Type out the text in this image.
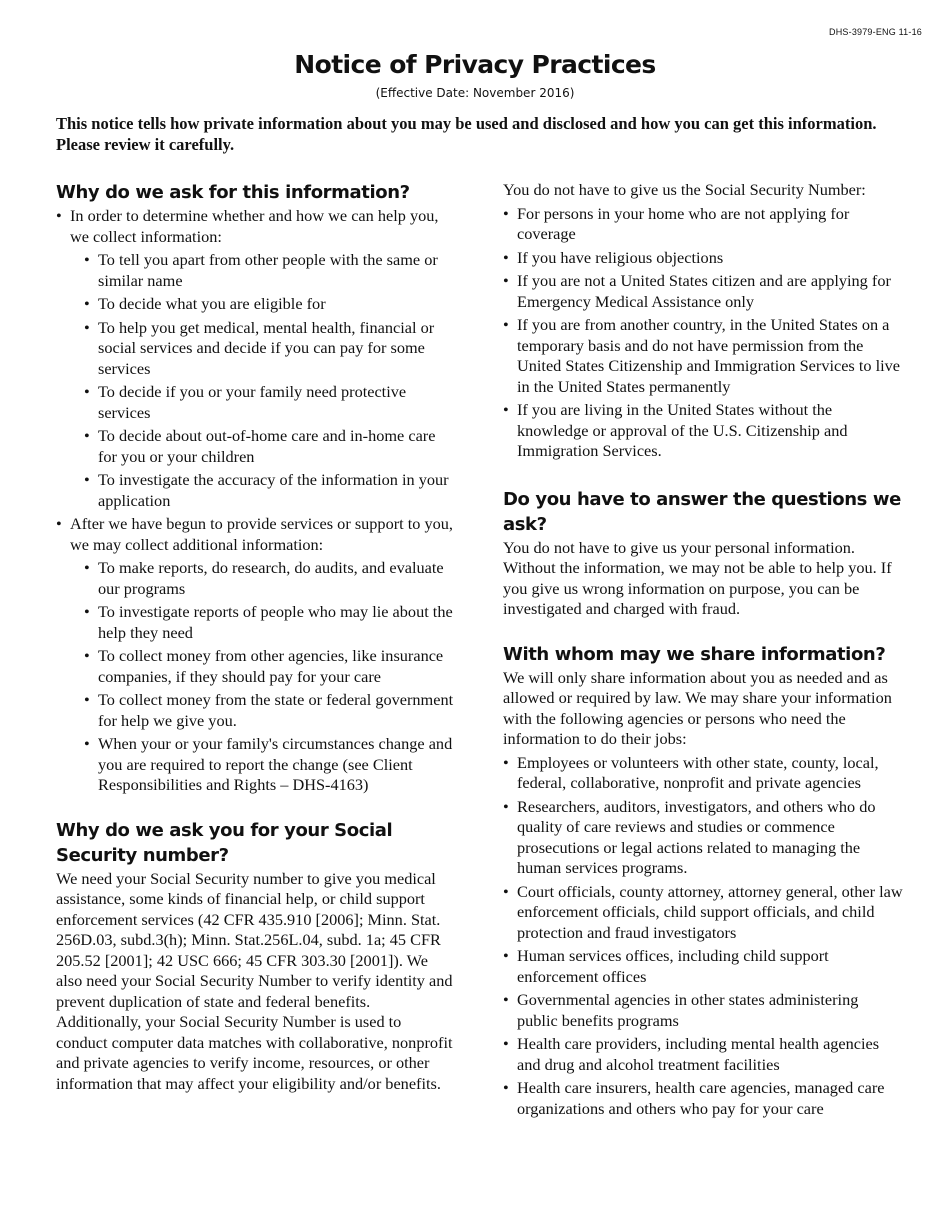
DHS-3979-ENG 11-16
Notice of Privacy Practices
(Effective Date: November 2016)

This notice tells how private information about you may be used and disclosed and how you can get this information. Please review it carefully.

Why do we ask for this information?
• In order to determine whether and how we can help you, we collect information:
• To tell you apart from other people with the same or similar name
• To decide what you are eligible for
• To help you get medical, mental health, financial or social services and decide if you can pay for some services
• To decide if you or your family need protective services
• To decide about out-of-home care and in-home care for you or your children
• To investigate the accuracy of the information in your application
• After we have begun to provide services or support to you, we may collect additional information:
• To make reports, do research, do audits, and evaluate our programs
• To investigate reports of people who may lie about the help they need
• To collect money from other agencies, like insurance companies, if they should pay for your care
• To collect money from the state or federal government for help we give you.
• When your or your family's circumstances change and you are required to report the change (see Client Responsibilities and Rights – DHS-4163)
Why do we ask you for your Social Security number?

We need your Social Security number to give you medical assistance, some kinds of financial help, or child support enforcement services (42 CFR 435.910 [2006]; Minn. Stat. 256D.03, subd.3(h); Minn. Stat.256L.04, subd. 1a; 45 CFR 205.52 [2001]; 42 USC 666; 45 CFR 303.30 [2001]). We also need your Social Security Number to verify identity and prevent duplication of state and federal benefits. Additionally, your Social Security Number is used to conduct computer data matches with collaborative, nonprofit and private agencies to verify income, resources, or other information that may affect your eligibility and/or benefits.

You do not have to give us the Social Security Number:

• For persons in your home who are not applying for coverage
• If you have religious objections
• If you are not a United States citizen and are applying for Emergency Medical Assistance only
• If you are from another country, in the United States on a temporary basis and do not have permission from the United States Citizenship and Immigration Services to live in the United States permanently
• If you are living in the United States without the knowledge or approval of the U.S. Citizenship and Immigration Services.
Do you have to answer the questions we ask?

You do not have to give us your personal information. Without the information, we may not be able to help you. If you give us wrong information on purpose, you can be investigated and charged with fraud.

With whom may we share information?

We will only share information about you as needed and as allowed or required by law. We may share your information with the following agencies or persons who need the information to do their jobs:

• Employees or volunteers with other state, county, local, federal, collaborative, nonprofit and private agencies
• Researchers, auditors, investigators, and others who do quality of care reviews and studies or commence prosecutions or legal actions related to managing the human services programs.
• Court officials, county attorney, attorney general, other law enforcement officials, child support officials, and child protection and fraud investigators
• Human services offices, including child support enforcement offices
• Governmental agencies in other states administering public benefits programs
• Health care providers, including mental health agencies and drug and alcohol treatment facilities
• Health care insurers, health care agencies, managed care organizations and others who pay for your care
